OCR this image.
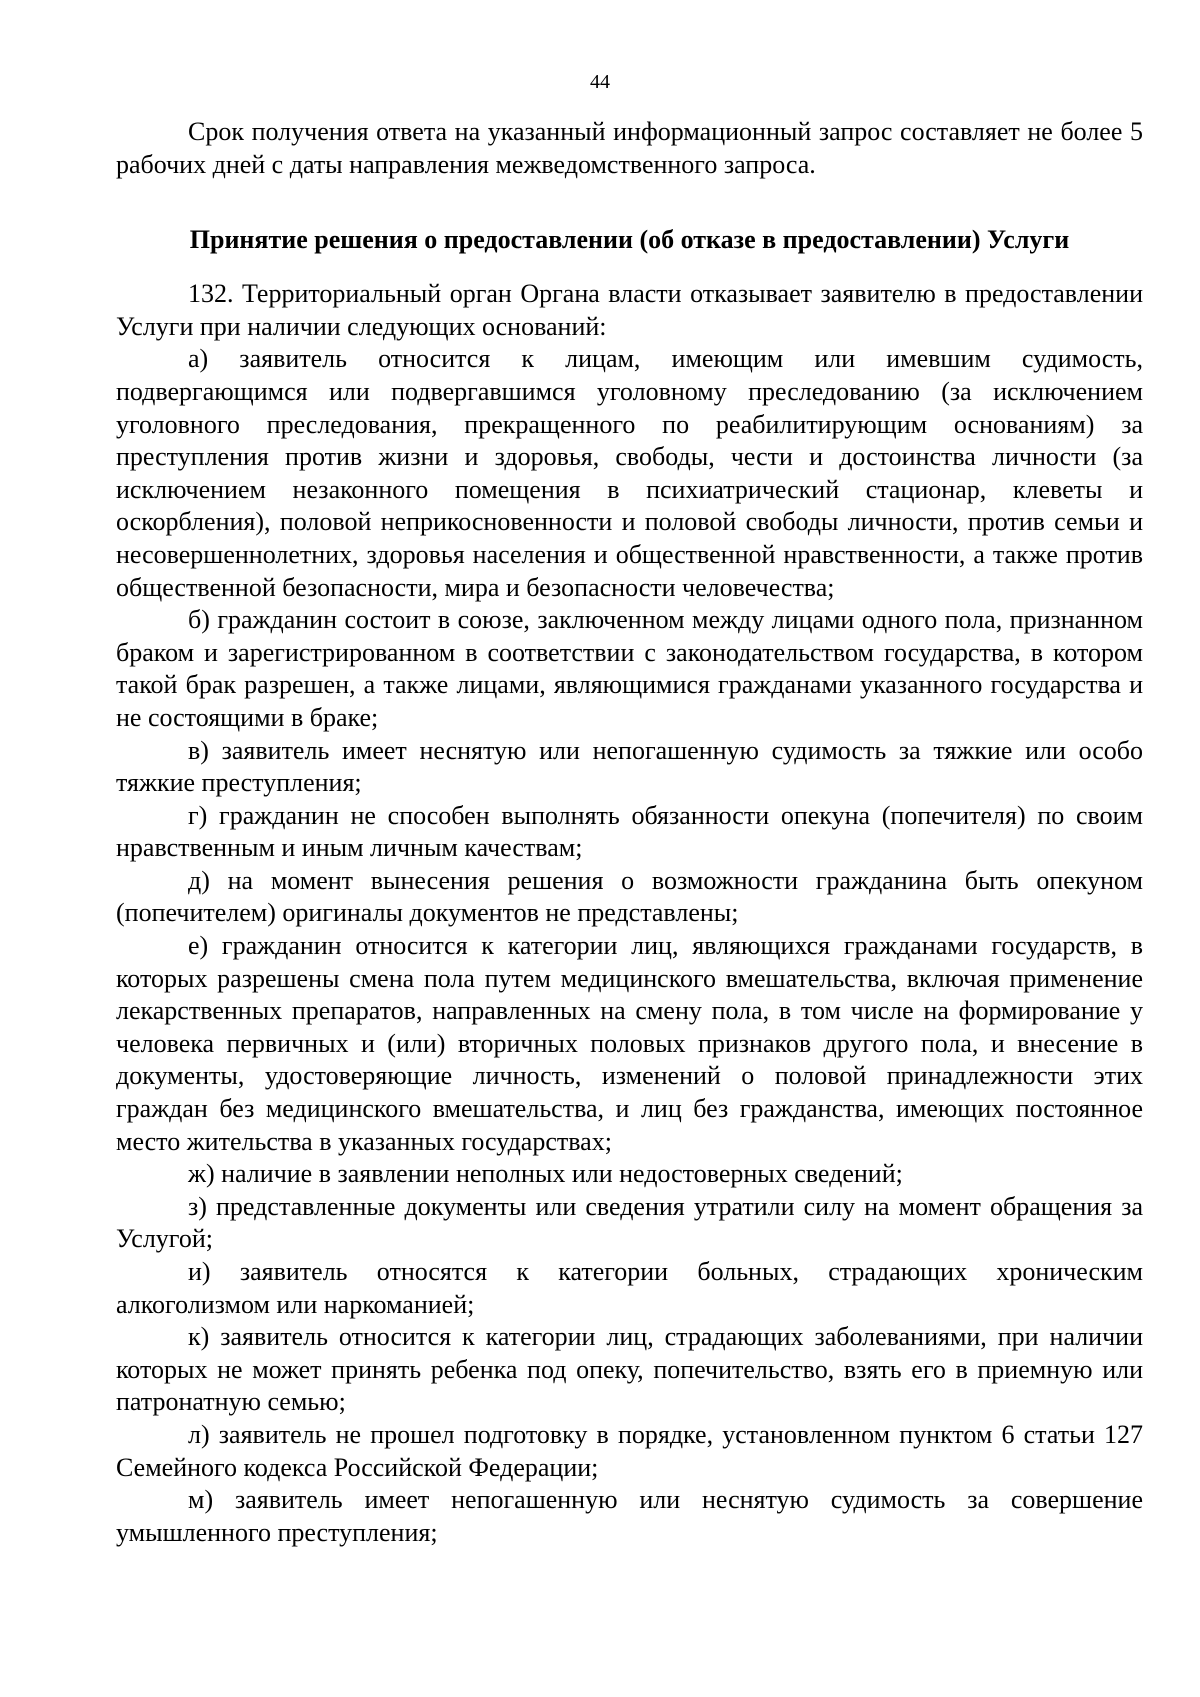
44

Срок получения ответа на указанный информационный запрос составляет не более 5 рабочих дней с даты направления межведомственного запроса.

Принятие решения о предоставлении (об отказе в предоставлении) Услуги

132. Территориальный орган Органа власти отказывает заявителю в предоставлении Услуги при наличии следующих оснований:

а) заявитель относится к лицам, имеющим или имевшим судимость, подвергающимся или подвергавшимся уголовному преследованию (за исключением уголовного преследования, прекращенного по реабилитирующим основаниям) за преступления против жизни и здоровья, свободы, чести и достоинства личности (за исключением незаконного помещения в психиатрический стационар, клеветы и оскорбления), половой неприкосновенности и половой свободы личности, против семьи и несовершеннолетних, здоровья населения и общественной нравственности, а также против общественной безопасности, мира и безопасности человечества;

б) гражданин состоит в союзе, заключенном между лицами одного пола, признанном браком и зарегистрированном в соответствии с законодательством государства, в котором такой брак разрешен, а также лицами, являющимися гражданами указанного государства и не состоящими в браке;

в) заявитель имеет неснятую или непогашенную судимость за тяжкие или особо тяжкие преступления;

г) гражданин не способен выполнять обязанности опекуна (попечителя) по своим нравственным и иным личным качествам;

д) на момент вынесения решения о возможности гражданина быть опекуном (попечителем) оригиналы документов не представлены;

е) гражданин относится к категории лиц, являющихся гражданами государств, в которых разрешены смена пола путем медицинского вмешательства, включая применение лекарственных препаратов, направленных на смену пола, в том числе на формирование у человека первичных и (или) вторичных половых признаков другого пола, и внесение в документы, удостоверяющие личность, изменений о половой принадлежности этих граждан без медицинского вмешательства, и лиц без гражданства, имеющих постоянное место жительства в указанных государствах;

ж) наличие в заявлении неполных или недостоверных сведений;

з) представленные документы или сведения утратили силу на момент обращения за Услугой;

и) заявитель относятся к категории больных, страдающих хроническим алкоголизмом или наркоманией;

к) заявитель относится к категории лиц, страдающих заболеваниями, при наличии которых не может принять ребенка под опеку, попечительство, взять его в приемную или патронатную семью;

л) заявитель не прошел подготовку в порядке, установленном пунктом 6 статьи 127 Семейного кодекса Российской Федерации;

м) заявитель имеет непогашенную или неснятую судимость за совершение умышленного преступления;
